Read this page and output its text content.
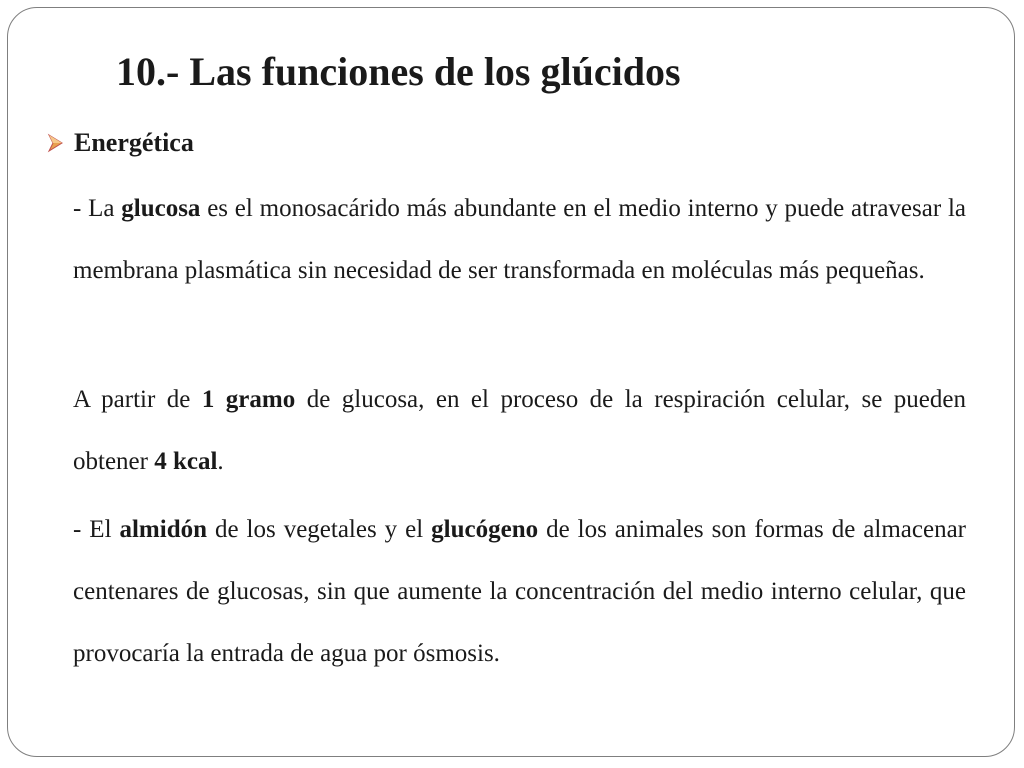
10.- Las funciones de los glúcidos
Energética

- La glucosa es el monosacárido más abundante en el medio interno y puede atravesar la membrana plasmática sin necesidad de ser transformada en moléculas más pequeñas.

A partir de 1 gramo de glucosa, en el proceso de la respiración celular, se pueden obtener 4 kcal.

- El almidón de los vegetales y el glucógeno de los animales son formas de almacenar centenares de glucosas, sin que aumente la concentración del medio interno celular, que provocaría la entrada de agua por ósmosis.
